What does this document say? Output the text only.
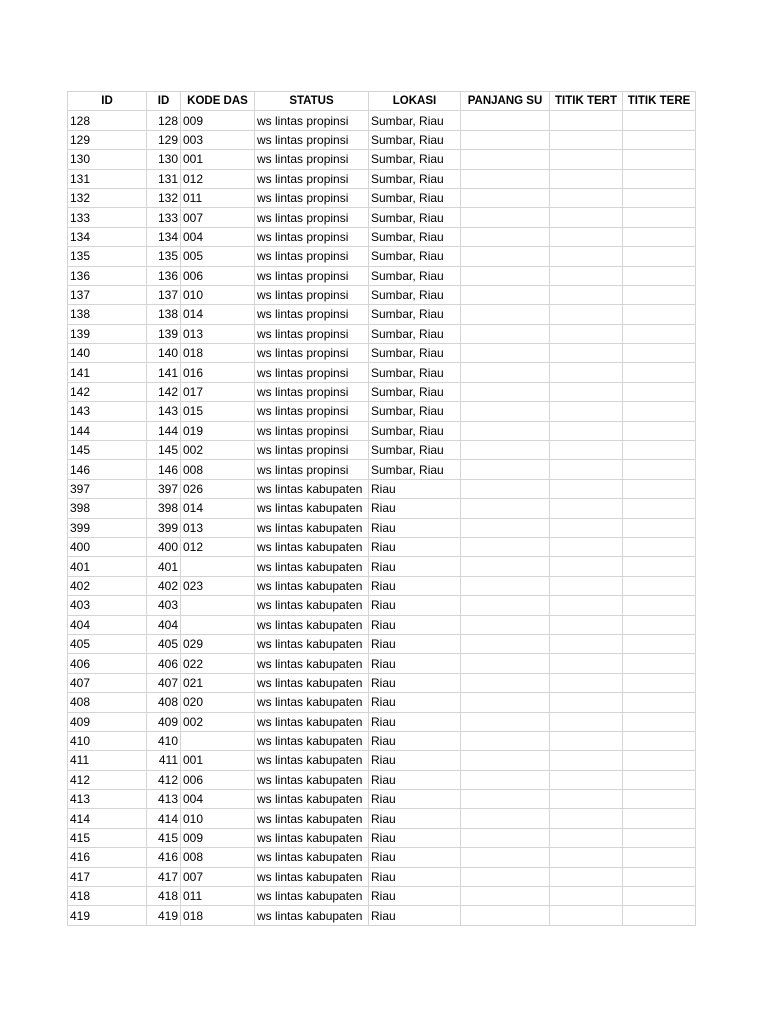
ID	ID	KODE DAS	STATUS	LOKASI	PANJANG SU	TITIK TERT	TITIK TERE
128	128	009	ws lintas propinsi	Sumbar, Riau			
129	129	003	ws lintas propinsi	Sumbar, Riau			
130	130	001	ws lintas propinsi	Sumbar, Riau			
131	131	012	ws lintas propinsi	Sumbar, Riau			
132	132	011	ws lintas propinsi	Sumbar, Riau			
133	133	007	ws lintas propinsi	Sumbar, Riau			
134	134	004	ws lintas propinsi	Sumbar, Riau			
135	135	005	ws lintas propinsi	Sumbar, Riau			
136	136	006	ws lintas propinsi	Sumbar, Riau			
137	137	010	ws lintas propinsi	Sumbar, Riau			
138	138	014	ws lintas propinsi	Sumbar, Riau			
139	139	013	ws lintas propinsi	Sumbar, Riau			
140	140	018	ws lintas propinsi	Sumbar, Riau			
141	141	016	ws lintas propinsi	Sumbar, Riau			
142	142	017	ws lintas propinsi	Sumbar, Riau			
143	143	015	ws lintas propinsi	Sumbar, Riau			
144	144	019	ws lintas propinsi	Sumbar, Riau			
145	145	002	ws lintas propinsi	Sumbar, Riau			
146	146	008	ws lintas propinsi	Sumbar, Riau			
397	397	026	ws lintas kabupaten	Riau			
398	398	014	ws lintas kabupaten	Riau			
399	399	013	ws lintas kabupaten	Riau			
400	400	012	ws lintas kabupaten	Riau			
401	401		ws lintas kabupaten	Riau			
402	402	023	ws lintas kabupaten	Riau			
403	403		ws lintas kabupaten	Riau			
404	404		ws lintas kabupaten	Riau			
405	405	029	ws lintas kabupaten	Riau			
406	406	022	ws lintas kabupaten	Riau			
407	407	021	ws lintas kabupaten	Riau			
408	408	020	ws lintas kabupaten	Riau			
409	409	002	ws lintas kabupaten	Riau			
410	410		ws lintas kabupaten	Riau			
411	411	001	ws lintas kabupaten	Riau			
412	412	006	ws lintas kabupaten	Riau			
413	413	004	ws lintas kabupaten	Riau			
414	414	010	ws lintas kabupaten	Riau			
415	415	009	ws lintas kabupaten	Riau			
416	416	008	ws lintas kabupaten	Riau			
417	417	007	ws lintas kabupaten	Riau			
418	418	011	ws lintas kabupaten	Riau			
419	419	018	ws lintas kabupaten	Riau			
